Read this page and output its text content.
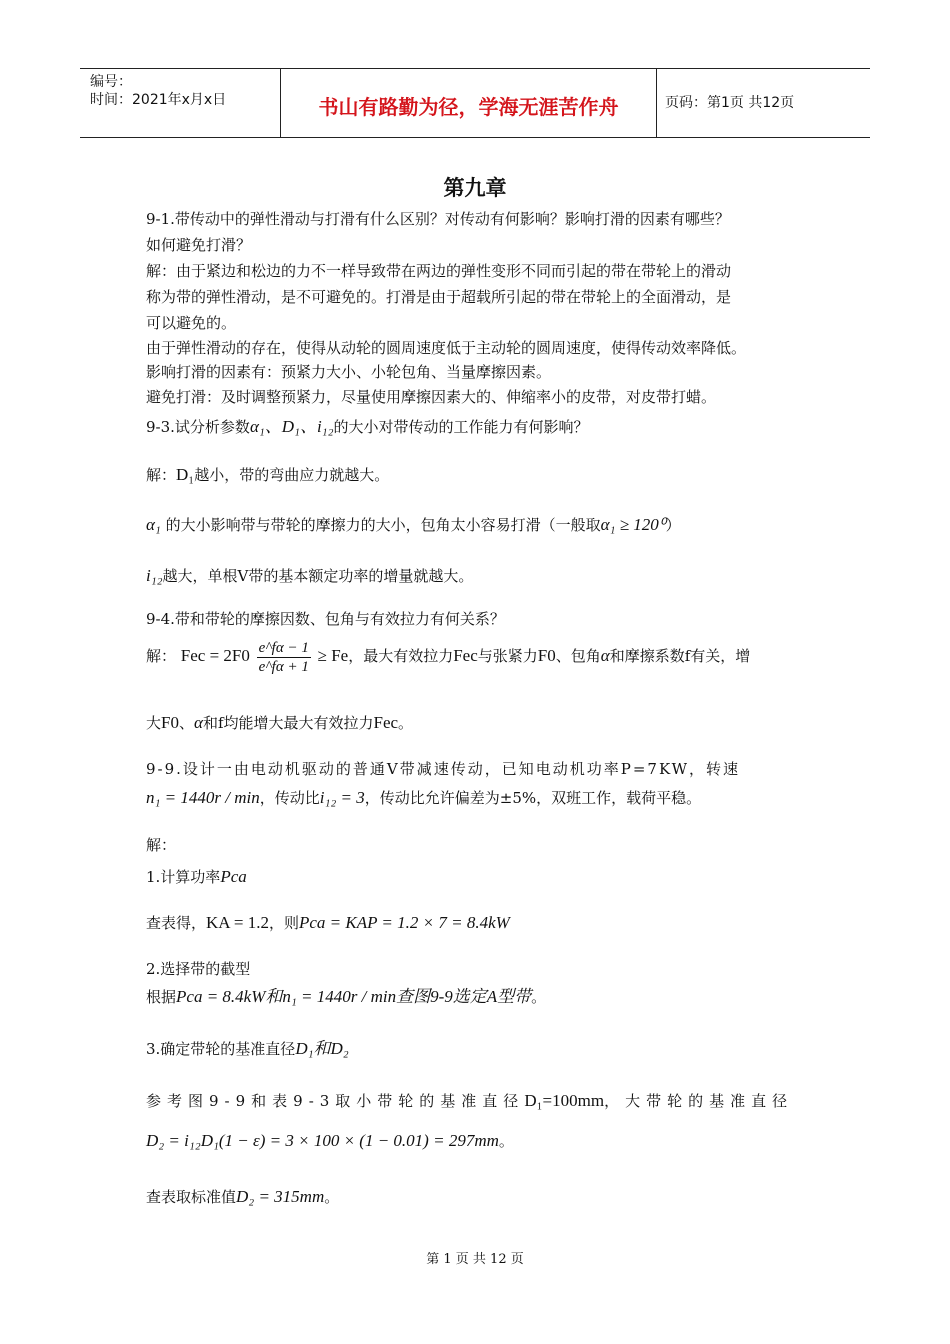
编号：
时间：2021年x月x日	书山有路勤为径，学海无涯苦作舟	页码：第1页 共12页
第九章
9-1.带传动中的弹性滑动与打滑有什么区别？对传动有何影响？影响打滑的因素有哪些？
如何避免打滑？
解：由于紧边和松边的力不一样导致带在两边的弹性变形不同而引起的带在带轮上的滑动
称为带的弹性滑动，是不可避免的。打滑是由于超载所引起的带在带轮上的全面滑动，是
可以避免的。
由于弹性滑动的存在，使得从动轮的圆周速度低于主动轮的圆周速度，使得传动效率降低。
影响打滑的因素有：预紧力大小、小轮包角、当量摩擦因素。
避免打滑：及时调整预紧力，尽量使用摩擦因素大的、伸缩率小的皮带，对皮带打蜡。
9-3.试分析参数α₁、D₁、i₁₂的大小对带传动的工作能力有何影响？
解：D₁越小，带的弯曲应力就越大。
α₁ 的大小影响带与带轮的摩擦力的大小，包角太小容易打滑（一般取α₁ ≥ 120⁰）
i₁₂越大，单根V带的基本额定功率的增量就越大。
9-4.带和带轮的摩擦因数、包角与有效拉力有何关系？
解： Fec = $2F0 \frac{e\^{}f\alpha - 1}{e\^{}f\alpha + 1} \ge Fe$，最大有效拉力Fec与张紧力F0、包角α和摩擦系数f有关，增
大F0、α和f均能增大最大有效拉力Fec。
9-9.设计一由电动机驱动的普通V带减速传动，已知电动机功率P=7KW，转速
n₁ = 1440r / min，传动比i₁₂ = 3，传动比允许偏差为±5%，双班工作，载荷平稳。
解：
1.计算功率Pca
查表得，KA = 1.2，则Pca = KAP = 1.2 × 7 = 8.4kW
2.选择带的截型
根据Pca = 8.4kW和n₁ = 1440r / min查图9-9选定A型带。
3.确定带轮的基准直径D₁和D₂
参考图9-9和表9-3取小带轮的基准直径D₁=100mm，大带轮的基准直径
D₂ = i₁₂D₁(1 − ε) = 3 × 100 × (1 − 0.01) = 297mm。
查表取标准值D₂ = 315mm。
第 1 页 共 12 页
